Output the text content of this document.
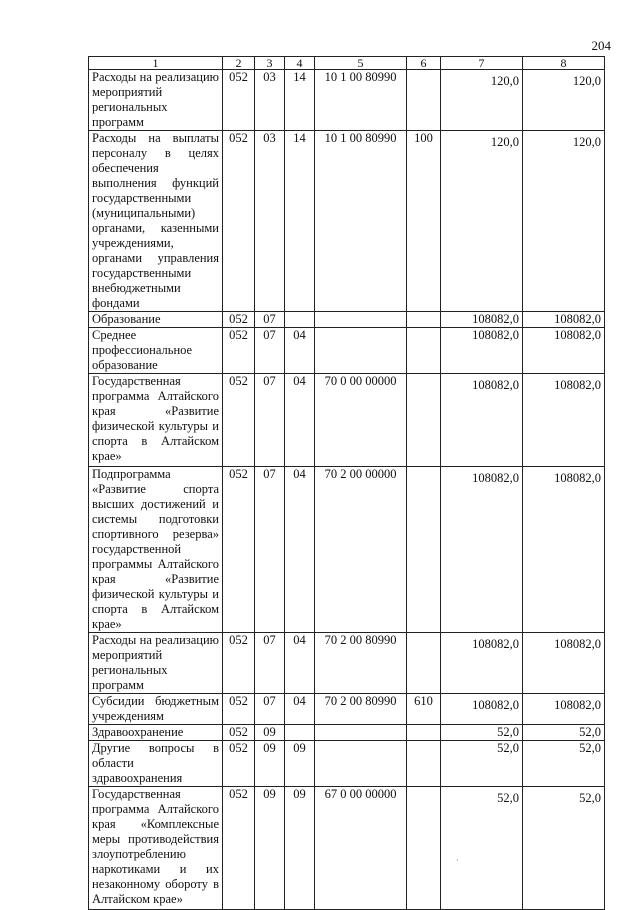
204
1	2	3	4	5	6	7	8
Расходы на реализацию мероприятий региональных программ	052	03	14	10 1 00 80990		120,0	120,0
Расходы на выплаты персоналу в целях обеспечения выполнения функций государственными (муниципальными) органами, казенными учреждениями, органами управления государственными внебюджетными фондами	052	03	14	10 1 00 80990	100	120,0	120,0
Образование	052	07				108082,0	108082,0
Среднее профессиональное образование	052	07	04			108082,0	108082,0
Государственная программа Алтайского края «Развитие физической культуры и спорта в Алтайском крае»	052	07	04	70 0 00 00000		108082,0	108082,0
Подпрограмма «Развитие спорта высших достижений и системы подготовки спортивного резерва» государственной программы Алтайского края «Развитие физической культуры и спорта в Алтайском крае»	052	07	04	70 2 00 00000		108082,0	108082,0
Расходы на реализацию мероприятий региональных программ	052	07	04	70 2 00 80990		108082,0	108082,0
Субсидии бюджетным учреждениям	052	07	04	70 2 00 80990	610	108082,0	108082,0
Здравоохранение	052	09				52,0	52,0
Другие вопросы в области здравоохранения	052	09	09			52,0	52,0
Государственная программа Алтайского края «Комплексные меры противодействия злоупотреблению наркотиками и их незаконному обороту в Алтайском крае»	052	09	09	67 0 00 00000		52,0	52,0
·
